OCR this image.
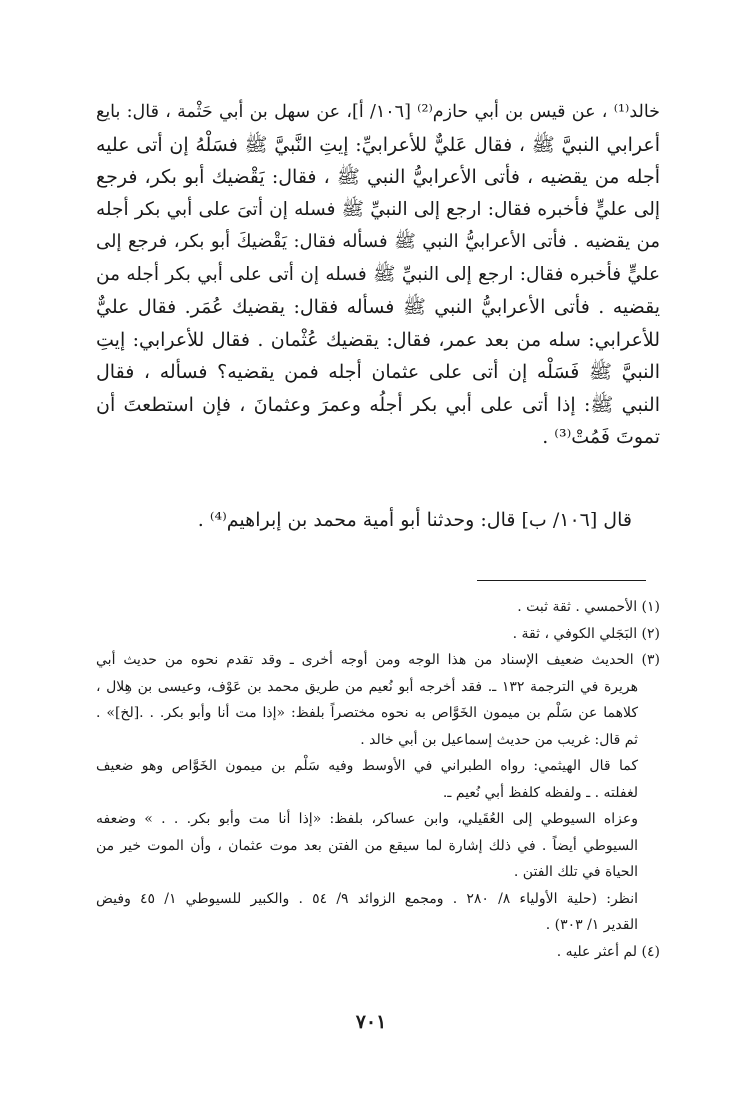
خالد⁽¹⁾ ، عن قيس بن أبي حازم⁽²⁾ [١٠٦/ أ]، عن سهل بن أبي حَثْمة ، قال: بايع
أعرابي النبيَّ ﷺ ، فقال عَليٌّ للأعرابيِّ: إيتِ النَّبيَّ ﷺ فسَلْهُ إن أتى عليه
أجله من يقضيه ، فأتى الأعرابيُّ النبي ﷺ ، فقال: يَقْضيك أبو بكر، فرجع
إلى عليٍّ فأخبره فقال: ارجع إلى النبيِّ ﷺ فسله إن أتىَ على أبي بكر أجله
من يقضيه . فأتى الأعرابيُّ النبي ﷺ فسأله فقال: يَقْضيكَ أبو بكر، فرجع إلى
عليٍّ فأخبره فقال: ارجع إلى النبيِّ ﷺ فسله إن أتى على أبي بكر أجله من
يقضيه . فأتى الأعرابيُّ النبي ﷺ فسأله فقال: يقضيك عُمَر. فقال عليٌّ
للأعرابي: سله من بعد عمر، فقال: يقضيك عُثْمان . فقال للأعرابي: إيتِ
النبيَّ ﷺ فَسَلْه إن أتى على عثمان أجله فمن يقضيه؟ فسأله ، فقال
النبي ﷺ: إذا أتى على أبي بكر أجلُه وعمرَ وعثمانَ ، فإن استطعتَ أن
تموتَ فَمُتْ⁽³⁾ .
قال [١٠٦/ ب] قال: وحدثنا أبو أمية محمد بن إبراهيم⁽⁴⁾ .
(١) الأحمسي . ثقة ثبت .
(٢) البَجَلي الكوفي ، ثقة .
(٣) الحديث ضعيف الإسناد من هذا الوجه ومن أوجه أخرى ـ وقد تقدم نحوه من حديث أبي
هريرة في الترجمة ١٣٢ ـ. فقد أخرجه أبو نُعيم من طريق محمد بن عَوْف، وعيسى بن هِلال ،
كلاهما عن سَلْم بن ميمون الخَوَّاص به نحوه مختصراً بلفظ: «إذا مت أنا وأبو بكر. . .[لخ]» .
ثم قال: غريب من حديث إسماعيل بن أبي خالد .
كما قال الهيثمي: رواه الطبراني في الأوسط وفيه سَلْم بن ميمون الخَوَّاص وهو ضعيف
لغفلته . ـ ولفظه كلفظ أبي نُعيم ـ.
وعزاه السيوطي إلى العُقَيلي، وابن عساكر، بلفظ: «إذا أنا مت وأبو بكر. . . » وضعفه
السيوطي أيضاً . في ذلك إشارة لما سيقع من الفتن بعد موت عثمان ، وأن الموت خير من
الحياة في تلك الفتن .
انظر: (حلية الأولياء ٨/ ٢٨٠ . ومجمع الزوائد ٩/ ٥٤ . والكبير للسيوطي ١/ ٤٥ وفيض
القدير ١/ ٣٠٣) .
(٤) لم أعثر عليه .
٧٠١
